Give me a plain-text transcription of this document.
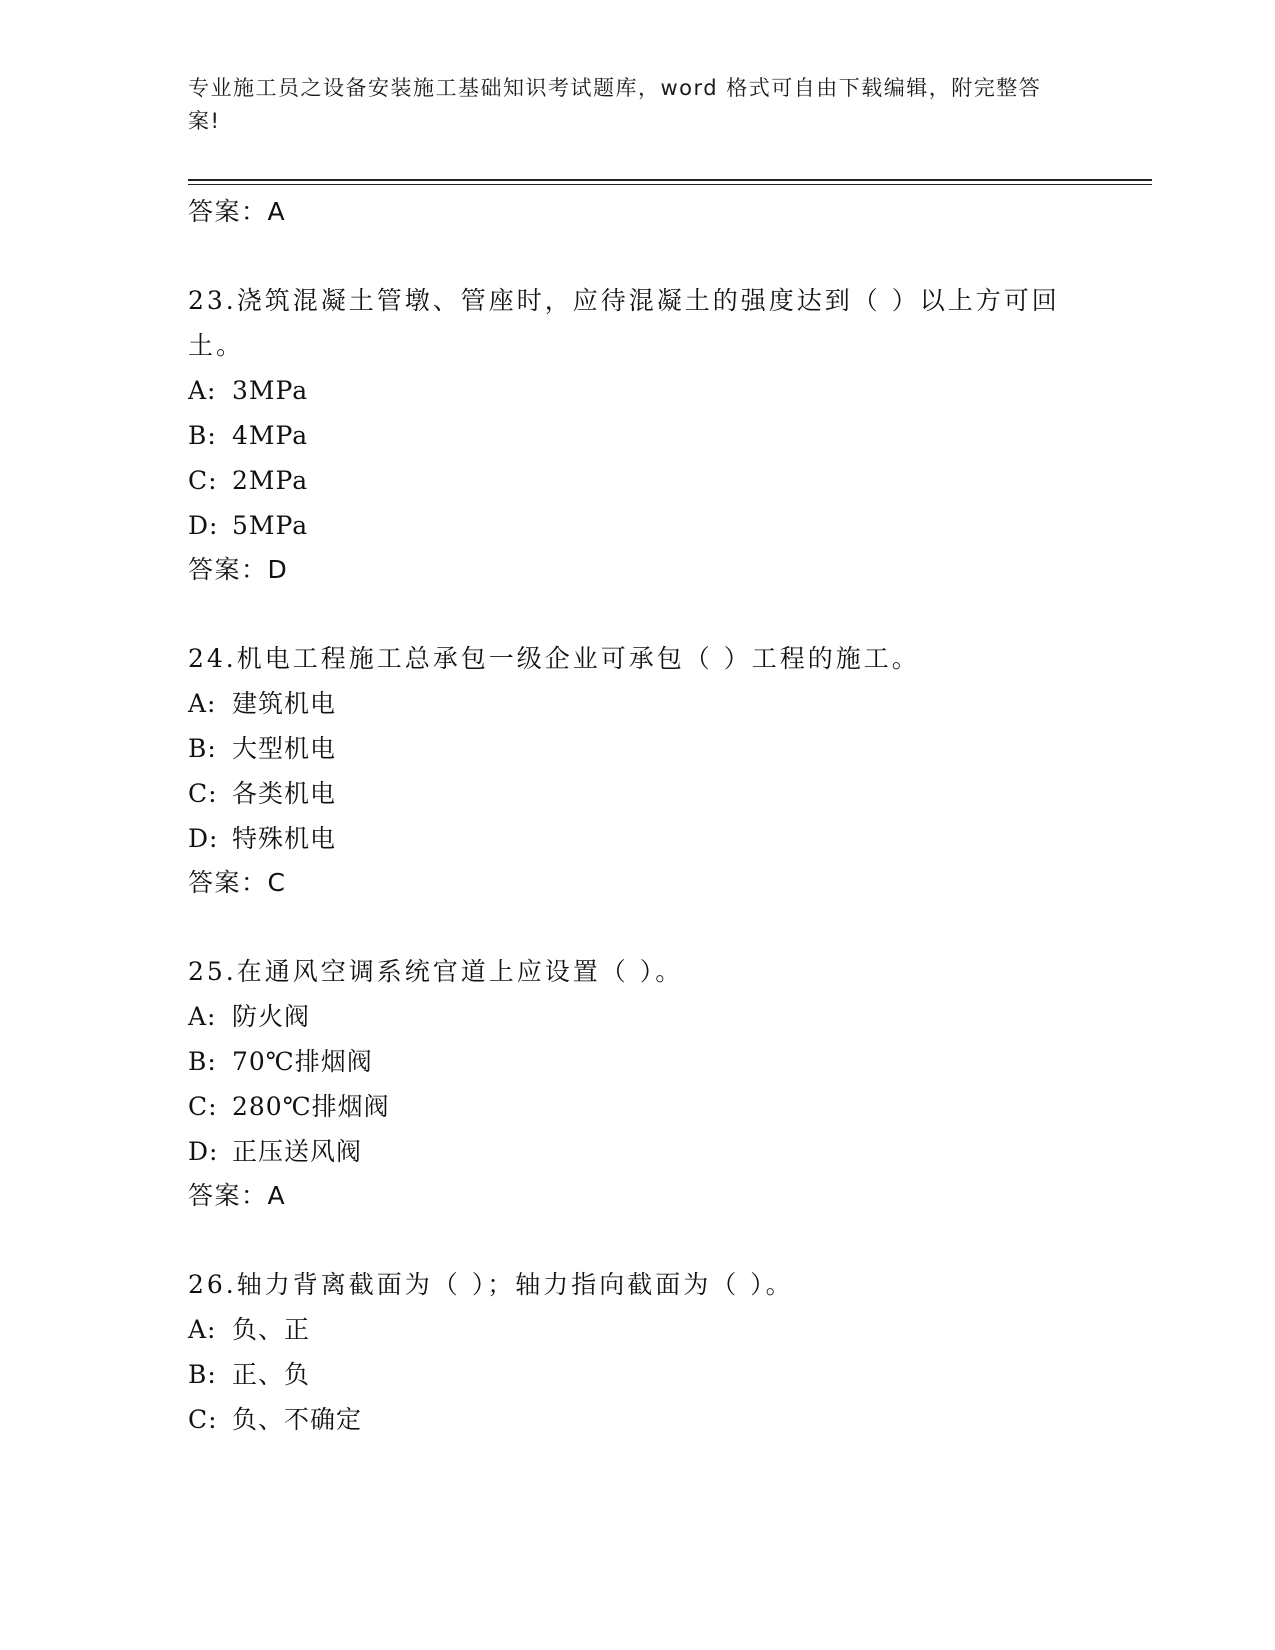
专业施工员之设备安装施工基础知识考试题库，word 格式可自由下载编辑，附完整答案!

答案：A

23.浇筑混凝土管墩、管座时，应待混凝土的强度达到（ ）以上方可回土。

A: 3MPa

B: 4MPa

C: 2MPa

D: 5MPa

答案：D

24.机电工程施工总承包一级企业可承包（ ）工程的施工。

A: 建筑机电

B: 大型机电

C: 各类机电

D: 特殊机电

答案：C

25.在通风空调系统官道上应设置（ ）。

A: 防火阀

B: 70℃排烟阀

C: 280℃排烟阀

D: 正压送风阀

答案：A

26.轴力背离截面为（ ）；轴力指向截面为（ ）。

A: 负、正

B: 正、负

C: 负、不确定
